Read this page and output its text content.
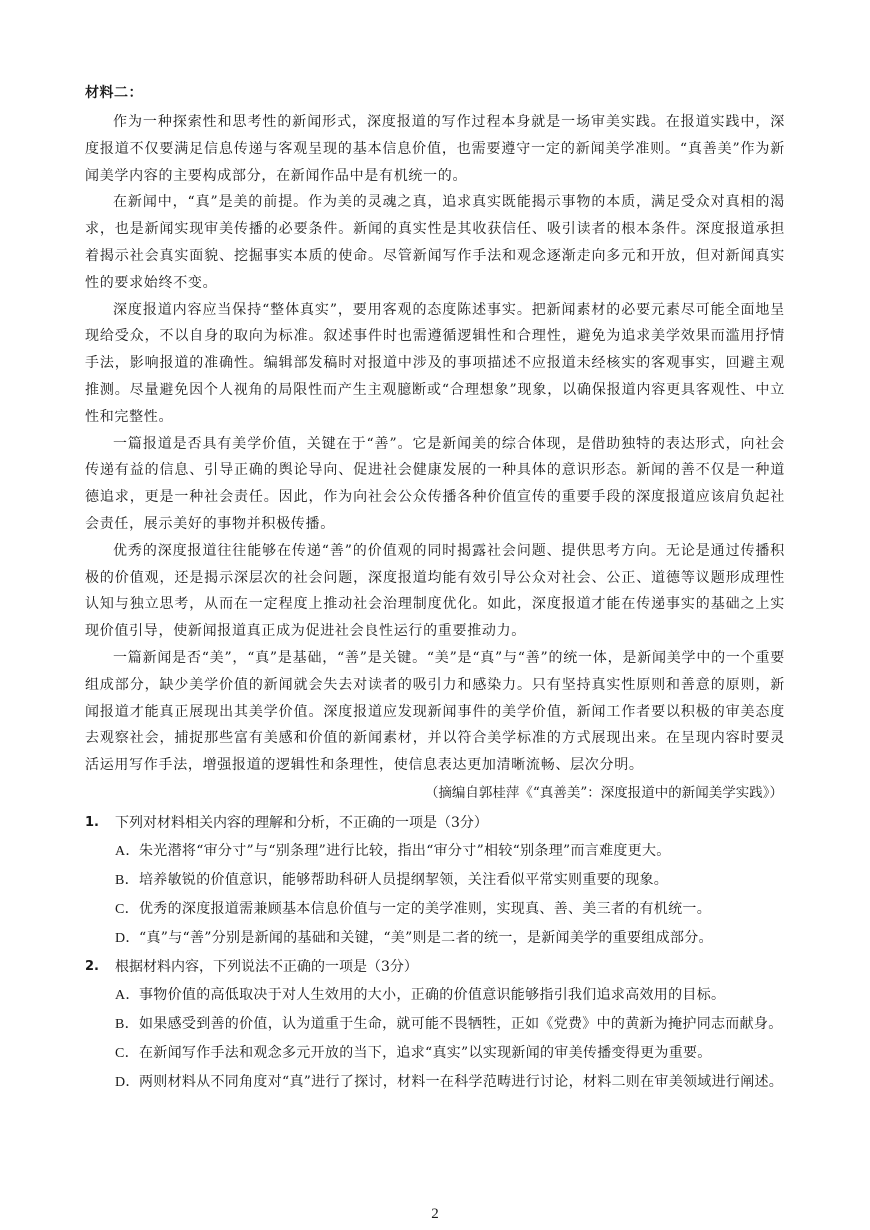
材料二：

作为一种探索性和思考性的新闻形式，深度报道的写作过程本身就是一场审美实践。在报道实践中，深度报道不仅要满足信息传递与客观呈现的基本信息价值，也需要遵守一定的新闻美学准则。“真善美”作为新闻美学内容的主要构成部分，在新闻作品中是有机统一的。

在新闻中，“真”是美的前提。作为美的灵魂之真，追求真实既能揭示事物的本质，满足受众对真相的渴求，也是新闻实现审美传播的必要条件。新闻的真实性是其收获信任、吸引读者的根本条件。深度报道承担着揭示社会真实面貌、挖掘事实本质的使命。尽管新闻写作手法和观念逐渐走向多元和开放，但对新闻真实性的要求始终不变。

深度报道内容应当保持“整体真实”，要用客观的态度陈述事实。把新闻素材的必要元素尽可能全面地呈现给受众，不以自身的取向为标准。叙述事件时也需遵循逻辑性和合理性，避免为追求美学效果而滥用抒情手法，影响报道的准确性。编辑部发稿时对报道中涉及的事项描述不应报道未经核实的客观事实，回避主观推测。尽量避免因个人视角的局限性而产生主观臆断或“合理想象”现象，以确保报道内容更具客观性、中立性和完整性。

一篇报道是否具有美学价值，关键在于“善”。它是新闻美的综合体现，是借助独特的表达形式，向社会传递有益的信息、引导正确的舆论导向、促进社会健康发展的一种具体的意识形态。新闻的善不仅是一种道德追求，更是一种社会责任。因此，作为向社会公众传播各种价值宣传的重要手段的深度报道应该肩负起社会责任，展示美好的事物并积极传播。

优秀的深度报道往往能够在传递“善”的价值观的同时揭露社会问题、提供思考方向。无论是通过传播积极的价值观，还是揭示深层次的社会问题，深度报道均能有效引导公众对社会、公正、道德等议题形成理性认知与独立思考，从而在一定程度上推动社会治理制度优化。如此，深度报道才能在传递事实的基础之上实现价值引导，使新闻报道真正成为促进社会良性运行的重要推动力。

一篇新闻是否“美”，“真”是基础，“善”是关键。“美”是“真”与“善”的统一体，是新闻美学中的一个重要组成部分，缺少美学价值的新闻就会失去对读者的吸引力和感染力。只有坚持真实性原则和善意的原则，新闻报道才能真正展现出其美学价值。深度报道应发现新闻事件的美学价值，新闻工作者要以积极的审美态度去观察社会，捕捉那些富有美感和价值的新闻素材，并以符合美学标准的方式展现出来。在呈现内容时要灵活运用写作手法，增强报道的逻辑性和条理性，使信息表达更加清晰流畅、层次分明。

（摘编自郭桂萍《“真善美”：深度报道中的新闻美学实践》）
1. 下列对材料相关内容的理解和分析，不正确的一项是（3分）
A．朱光潜将“审分寸”与“别条理”进行比较，指出“审分寸”相较“别条理”而言难度更大。
B．培养敏锐的价值意识，能够帮助科研人员提纲挈领，关注看似平常实则重要的现象。
C．优秀的深度报道需兼顾基本信息价值与一定的美学准则，实现真、善、美三者的有机统一。
D．“真”与“善”分别是新闻的基础和关键，“美”则是二者的统一，是新闻美学的重要组成部分。
2. 根据材料内容，下列说法不正确的一项是（3分）
A．事物价值的高低取决于对人生效用的大小，正确的价值意识能够指引我们追求高效用的目标。
B．如果感受到善的价值，认为道重于生命，就可能不畏牺牲，正如《党费》中的黄新为掩护同志而献身。
C．在新闻写作手法和观念多元开放的当下，追求“真实”以实现新闻的审美传播变得更为重要。
D．两则材料从不同角度对“真”进行了探讨，材料一在科学范畴进行讨论，材料二则在审美领域进行阐述。
2
